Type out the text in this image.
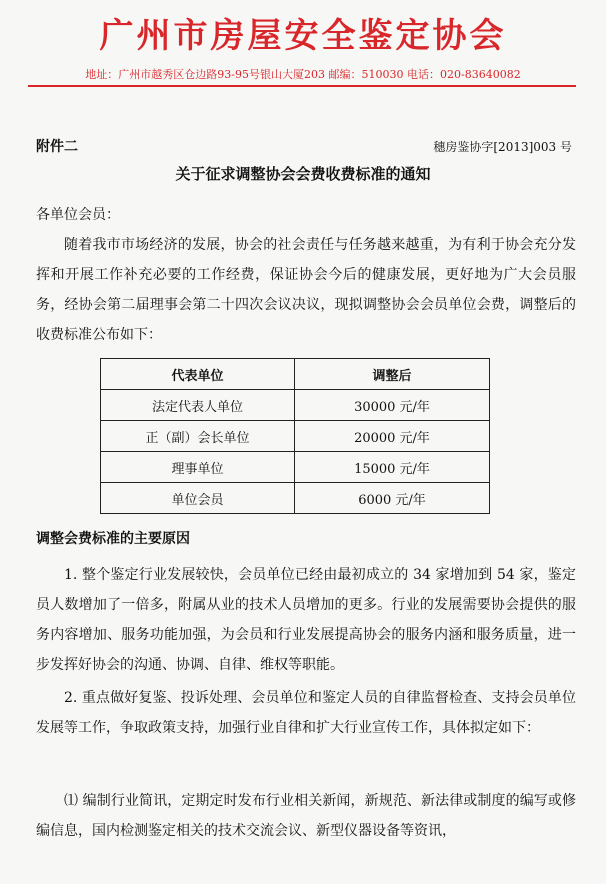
广州市房屋安全鉴定协会
地址：广州市越秀区仓边路93-95号银山大厦203 邮编：510030 电话：020-83640082
附件二	穗房鉴协字[2013]003 号
关于征求调整协会会费收费标准的通知
各单位会员：
随着我市市场经济的发展，协会的社会责任与任务越来越重，为有利于协会充分发挥和开展工作补充必要的工作经费，保证协会今后的健康发展，更好地为广大会员服务，经协会第二届理事会第二十四次会议决议，现拟调整协会会员单位会费，调整后的收费标准公布如下：
代表单位	调整后
法定代表人单位	30000 元/年
正（副）会长单位	20000 元/年
理事单位	15000 元/年
单位会员	6000 元/年
调整会费标准的主要原因
1. 整个鉴定行业发展较快，会员单位已经由最初成立的 34 家增加到 54 家，鉴定员人数增加了一倍多，附属从业的技术人员增加的更多。行业的发展需要协会提供的服务内容增加、服务功能加强，为会员和行业发展提高协会的服务内涵和服务质量，进一步发挥好协会的沟通、协调、自律、维权等职能。
2. 重点做好复鉴、投诉处理、会员单位和鉴定人员的自律监督检查、支持会员单位发展等工作，争取政策支持，加强行业自律和扩大行业宣传工作，具体拟定如下：
⑴ 编制行业简讯，定期定时发布行业相关新闻，新规范、新法律或制度的编写或修编信息，国内检测鉴定相关的技术交流会议、新型仪器设备等资讯，
